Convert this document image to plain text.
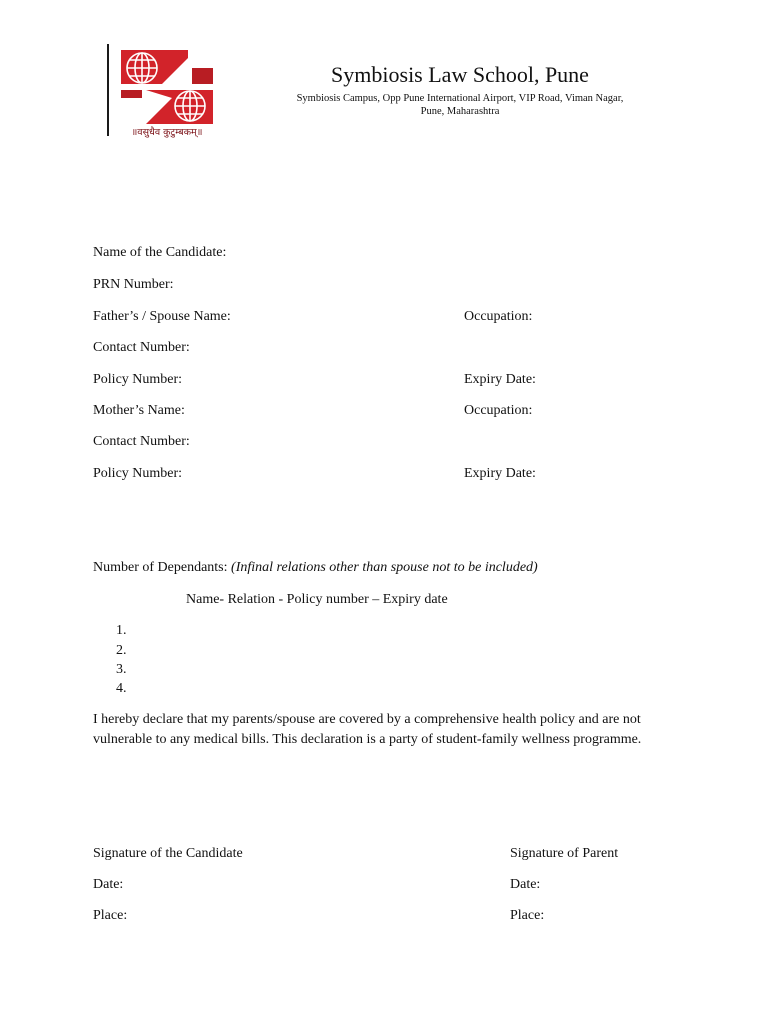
॥वसुधैव कुटुम्बकम्॥
Symbiosis Law School, Pune
Symbiosis Campus, Opp Pune International Airport, VIP Road, Viman Nagar,
Pune, Maharashtra
Name of the Candidate:
PRN Number:
Father’s / Spouse Name:	Occupation:
Contact Number:
Policy Number:	Expiry Date:
Mother’s Name:	Occupation:
Contact Number:
Policy Number:	Expiry Date:
Number of Dependants: (Infinal relations other than spouse not to be included)
Name- Relation - Policy number – Expiry date
1.
2.
3.
4.
I hereby declare that my parents/spouse are covered by a comprehensive health policy and are not vulnerable to any medical bills. This declaration is a party of student-family wellness programme.
Signature of the Candidate	Signature of Parent
Date:	Date:
Place:	Place:
